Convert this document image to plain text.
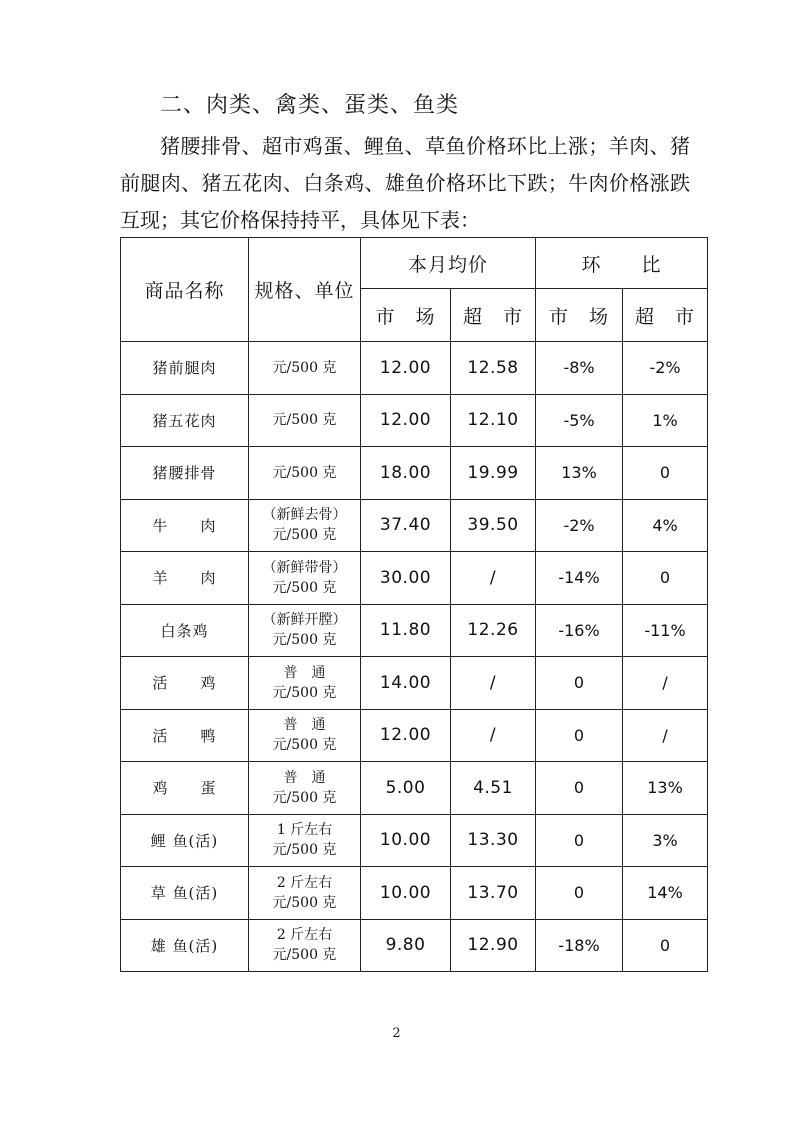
二、肉类、禽类、蛋类、鱼类

猪腰排骨、超市鸡蛋、鲤鱼、草鱼价格环比上涨；羊肉、猪前腿肉、猪五花肉、白条鸡、雄鱼价格环比下跌；牛肉价格涨跌互现；其它价格保持持平，具体见下表：

商品名称	规格、单位	本月均价		环　　比	
		市　场	超　市	市　场	超　市
猪前腿肉	元/500 克	12.00	12.58	-8%	-2%
猪五花肉	元/500 克	12.00	12.10	-5%	1%
猪腰排骨	元/500 克	18.00	19.99	13%	0
牛　　肉	（新鲜去骨）
元/500 克	37.40	39.50	-2%	4%
羊　　肉	（新鲜带骨）
元/500 克	30.00	/	-14%	0
白条鸡	（新鲜开膛）
元/500 克	11.80	12.26	-16%	-11%
活　　鸡	普　通
元/500 克	14.00	/	0	/
活　　鸭	普　通
元/500 克	12.00	/	0	/
鸡　　蛋	普　通
元/500 克	5.00	4.51	0	13%
鲤 鱼(活)	1 斤左右
元/500 克	10.00	13.30	0	3%
草 鱼(活)	2 斤左右
元/500 克	10.00	13.70	0	14%
雄 鱼(活)	2 斤左右
元/500 克	9.80	12.90	-18%	0
2
